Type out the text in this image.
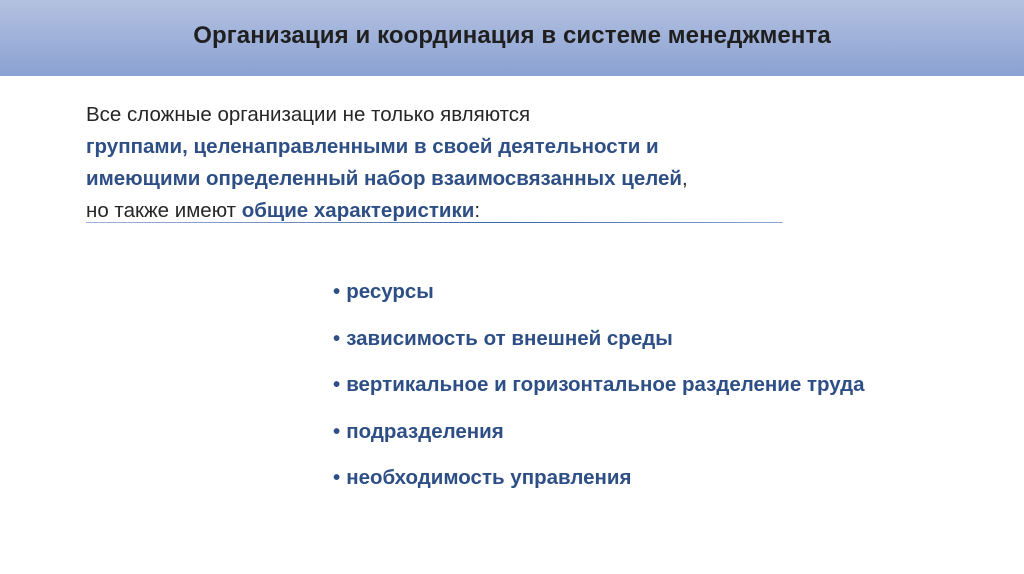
Организация и координация в системе менеджмента
Все сложные организации не только являются
группами, целенаправленными в своей деятельности и
имеющими определенный набор взаимосвязанных целей,
но также имеют общие характеристики:
• ресурсы
• зависимость от внешней среды
• вертикальное и горизонтальное разделение труда
• подразделения
• необходимость управления
